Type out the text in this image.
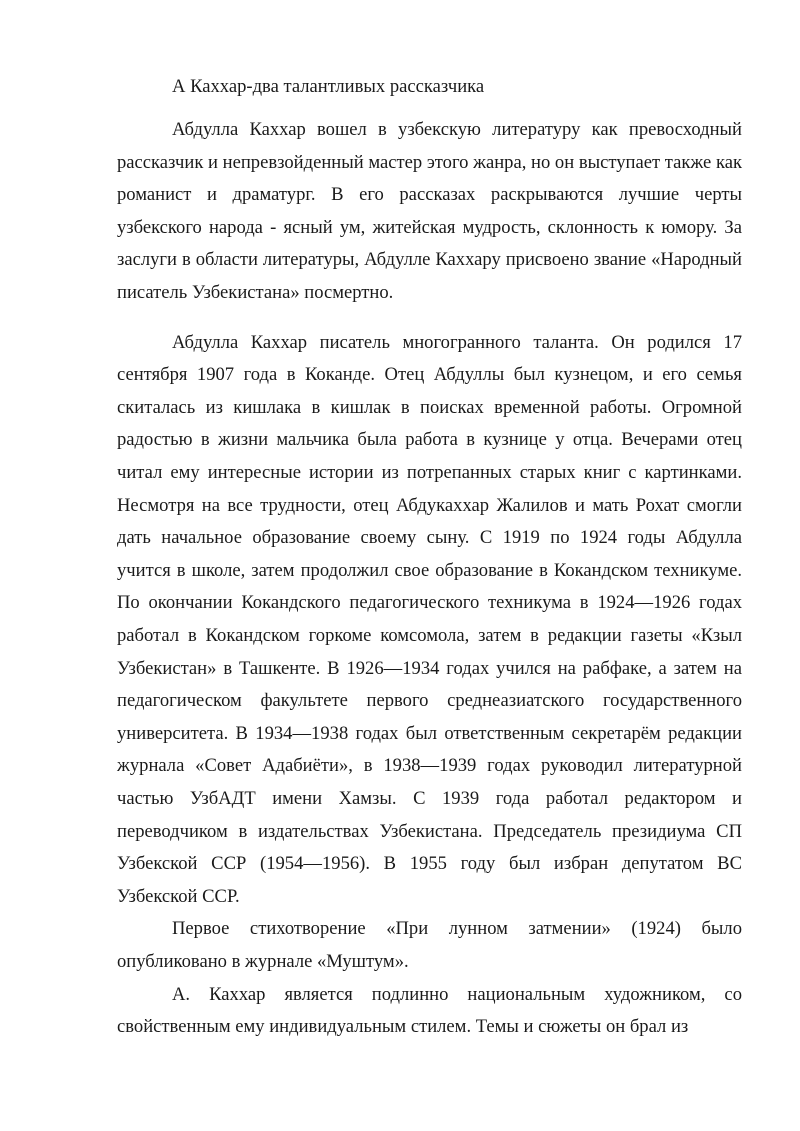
А Каххар-два талантливых рассказчика

Абдулла Каххар вошел в узбекскую литературу как превосходный рассказчик и непревзойденный мастер этого жанра, но он выступает также как романист и драматург. В его рассказах раскрываются лучшие черты узбекского народа - ясный ум, житейская мудрость, склонность к юмору. За заслуги в области литературы, Абдулле Каххару присвоено звание «Народный писатель Узбекистана» посмертно.

Абдулла Каххар писатель многогранного таланта. Он родился 17 сентября 1907 года в Коканде. Отец Абдуллы был кузнецом, и его семья скиталась из кишлака в кишлак в поисках временной работы. Огромной радостью в жизни мальчика была работа в кузнице у отца. Вечерами отец читал ему интересные истории из потрепанных старых книг с картинками. Несмотря на все трудности, отец Абдукаххар Жалилов и мать Рохат смогли дать начальное образование своему сыну. С 1919 по 1924 годы Абдулла учится в школе, затем продолжил свое образование в Кокандском техникуме. По окончании Кокандского педагогического техникума в 1924—1926 годах работал в Кокандском горкоме комсомола, затем в редакции газеты «Кзыл Узбекистан» в Ташкенте. В 1926—1934 годах учился на рабфаке, а затем на педагогическом факультете первого среднеазиатского государственного университета. В 1934—1938 годах был ответственным секретарём редакции журнала «Совет Адабиёти», в 1938—1939 годах руководил литературной частью УзбАДТ имени Хамзы. С 1939 года работал редактором и переводчиком в издательствах Узбекистана. Председатель президиума СП Узбекской ССР (1954—1956). В 1955 году был избран депутатом ВС Узбекской ССР.

Первое стихотворение «При лунном затмении» (1924) было опубликовано в журнале «Муштум».

А. Каххар является подлинно национальным художником, со свойственным ему индивидуальным стилем. Темы и сюжеты он брал из
